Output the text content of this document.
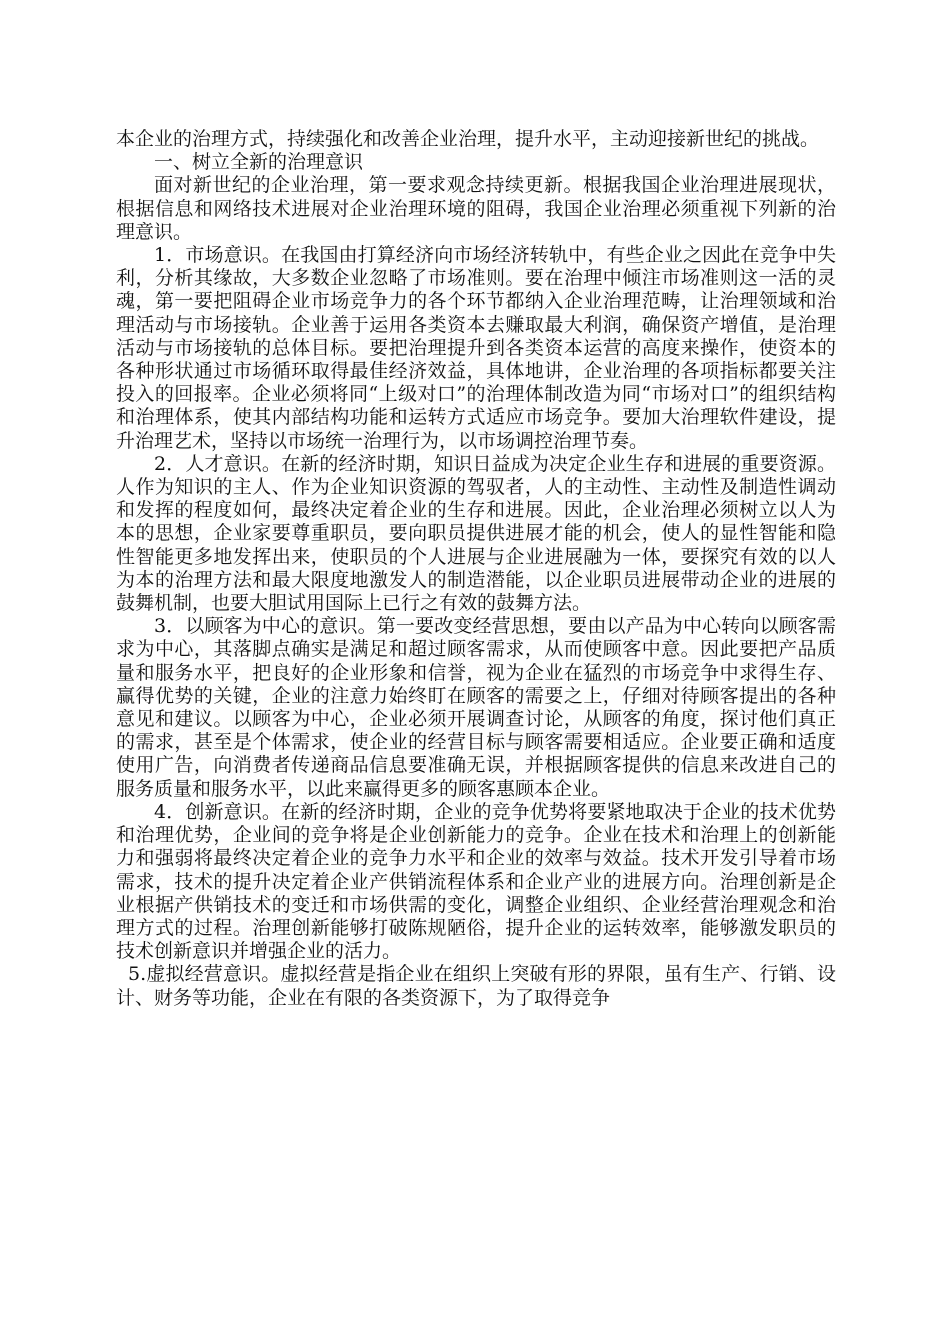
本企业的治理方式，持续强化和改善企业治理，提升水平，主动迎接新世纪的挑战。

一、树立全新的治理意识

面对新世纪的企业治理，第一要求观念持续更新。根据我国企业治理进展现状，根据信息和网络技术进展对企业治理环境的阻碍，我国企业治理必须重视下列新的治理意识。

1．市场意识。在我国由打算经济向市场经济转轨中，有些企业之因此在竞争中失利，分析其缘故，大多数企业忽略了市场准则。要在治理中倾注市场准则这一活的灵魂，第一要把阻碍企业市场竞争力的各个环节都纳入企业治理范畴，让治理领域和治理活动与市场接轨。企业善于运用各类资本去赚取最大利润，确保资产增值，是治理活动与市场接轨的总体目标。要把治理提升到各类资本运营的高度来操作，使资本的各种形状通过市场循环取得最佳经济效益，具体地讲，企业治理的各项指标都要关注投入的回报率。企业必须将同“上级对口”的治理体制改造为同“市场对口”的组织结构和治理体系，使其内部结构功能和运转方式适应市场竞争。要加大治理软件建设，提升治理艺术，坚持以市场统一治理行为，以市场调控治理节奏。

2．人才意识。在新的经济时期，知识日益成为决定企业生存和进展的重要资源。人作为知识的主人、作为企业知识资源的驾驭者，人的主动性、主动性及制造性调动和发挥的程度如何，最终决定着企业的生存和进展。因此，企业治理必须树立以人为本的思想，企业家要尊重职员，要向职员提供进展才能的机会，使人的显性智能和隐性智能更多地发挥出来，使职员的个人进展与企业进展融为一体，要探究有效的以人为本的治理方法和最大限度地激发人的制造潜能，以企业职员进展带动企业的进展的鼓舞机制，也要大胆试用国际上已行之有效的鼓舞方法。

3．以顾客为中心的意识。第一要改变经营思想，要由以产品为中心转向以顾客需求为中心，其落脚点确实是满足和超过顾客需求，从而使顾客中意。因此要把产品质量和服务水平，把良好的企业形象和信誉，视为企业在猛烈的市场竞争中求得生存、赢得优势的关键，企业的注意力始终盯在顾客的需要之上，仔细对待顾客提出的各种意见和建议。以顾客为中心，企业必须开展调查讨论，从顾客的角度，探讨他们真正的需求，甚至是个体需求，使企业的经营目标与顾客需要相适应。企业要正确和适度使用广告，向消费者传递商品信息要准确无误，并根据顾客提供的信息来改进自己的服务质量和服务水平，以此来赢得更多的顾客惠顾本企业。

4．创新意识。在新的经济时期，企业的竞争优势将要紧地取决于企业的技术优势和治理优势，企业间的竞争将是企业创新能力的竞争。企业在技术和治理上的创新能力和强弱将最终决定着企业的竞争力水平和企业的效率与效益。技术开发引导着市场需求，技术的提升决定着企业产供销流程体系和企业产业的进展方向。治理创新是企业根据产供销技术的变迁和市场供需的变化，调整企业组织、企业经营治理观念和治理方式的过程。治理创新能够打破陈规陋俗，提升企业的运转效率，能够激发职员的技术创新意识并增强企业的活力。

5.虚拟经营意识。虚拟经营是指企业在组织上突破有形的界限，虽有生产、行销、设计、财务等功能，企业在有限的各类资源下，为了取得竞争
